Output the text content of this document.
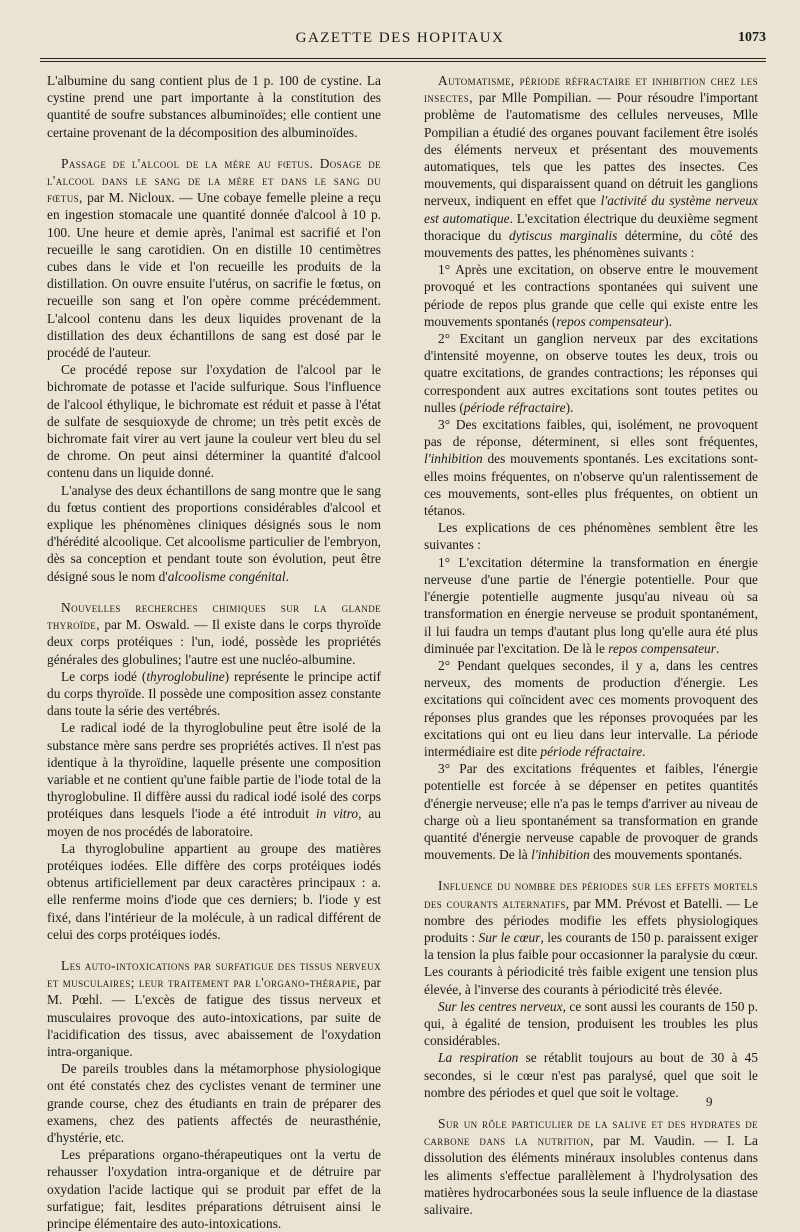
GAZETTE DES HOPITAUX	1073

L'albumine du sang contient plus de 1 p. 100 de cystine. La cystine prend une part importante à la constitution des quantité de soufre substances albuminoïdes; elle contient une certaine provenant de la décomposition des albuminoïdes.

Passage de l'alcool de la mère au fœtus. Dosage de l'alcool dans le sang de la mère et dans le sang du fœtus, par M. Nicloux. — Une cobaye femelle pleine a reçu en ingestion stomacale une quantité donnée d'alcool à 10 p. 100. Une heure et demie après, l'animal est sacrifié et l'on recueille le sang carotidien. On en distille 10 centimètres cubes dans le vide et l'on recueille les produits de la distillation. On ouvre ensuite l'utérus, on sacrifie le fœtus, on recueille son sang et l'on opère comme précédemment. L'alcool contenu dans les deux liquides provenant de la distillation des deux échantillons de sang est dosé par le procédé de l'auteur.

Ce procédé repose sur l'oxydation de l'alcool par le bichromate de potasse et l'acide sulfurique. Sous l'influence de l'alcool éthylique, le bichromate est réduit et passe à l'état de sulfate de sesquioxyde de chrome; un très petit excès de bichromate fait virer au vert jaune la couleur vert bleu du sel de chrome. On peut ainsi déterminer la quantité d'alcool contenu dans un liquide donné.

L'analyse des deux échantillons de sang montre que le sang du fœtus contient des proportions considérables d'alcool et explique les phénomènes cliniques désignés sous le nom d'hérédité alcoolique. Cet alcoolisme particulier de l'embryon, dès sa conception et pendant toute son évolution, peut être désigné sous le nom d'alcoolisme congénital.

Nouvelles recherches chimiques sur la glande thyroïde, par M. Oswald. — Il existe dans le corps thyroïde deux corps protéiques : l'un, iodé, possède les propriétés générales des globulines; l'autre est une nucléo-albumine.

Le corps iodé (thyroglobuline) représente le principe actif du corps thyroïde. Il possède une composition assez constante dans toute la série des vertébrés.

Le radical iodé de la thyroglobuline peut être isolé de la substance mère sans perdre ses propriétés actives. Il n'est pas identique à la thyroïdine, laquelle présente une composition variable et ne contient qu'une faible partie de l'iode total de la thyroglobuline. Il diffère aussi du radical iodé isolé des corps protéiques dans lesquels l'iode a été introduit in vitro, au moyen de nos procédés de laboratoire.

La thyroglobuline appartient au groupe des matières protéiques iodées. Elle diffère des corps protéiques iodés obtenus artificiellement par deux caractères principaux : a. elle renferme moins d'iode que ces derniers; b. l'iode y est fixé, dans l'intérieur de la molécule, à un radical différent de celui des corps protéiques iodés.

Les auto-intoxications par surfatigue des tissus nerveux et musculaires; leur traitement par l'organo-thérapie, par M. Pœhl. — L'excès de fatigue des tissus nerveux et musculaires provoque des auto-intoxications, par suite de l'acidification des tissus, avec abaissement de l'oxydation intra-organique.

De pareils troubles dans la métamorphose physiologique ont été constatés chez des cyclistes venant de terminer une grande course, chez des étudiants en train de préparer des examens, chez des patients affectés de neurasthénie, d'hystérie, etc.

Les préparations organo-thérapeutiques ont la vertu de rehausser l'oxydation intra-organique et de détruire par oxydation l'acide lactique qui se produit par effet de la surfatigue; fait, lesdites préparations détruisent ainsi le principe élémentaire des auto-intoxications.

Automatisme, période réfractaire et inhibition chez les insectes, par Mlle Pompilian. — Pour résoudre l'important problème de l'automatisme des cellules nerveuses, Mlle Pompilian a étudié des organes pouvant facilement être isolés des éléments nerveux et présentant des mouvements automatiques, tels que les pattes des insectes. Ces mouvements, qui disparaissent quand on détruit les ganglions nerveux, indiquent en effet que l'activité du système nerveux est automatique. L'excitation électrique du deuxième segment thoracique du dytiscus marginalis détermine, du côté des mouvements des pattes, les phénomènes suivants :

1° Après une excitation, on observe entre le mouvement provoqué et les contractions spontanées qui suivent une période de repos plus grande que celle qui existe entre les mouvements spontanés (repos compensateur).

2° Excitant un ganglion nerveux par des excitations d'intensité moyenne, on observe toutes les deux, trois ou quatre excitations, de grandes contractions; les réponses qui correspondent aux autres excitations sont toutes petites ou nulles (période réfractaire).

3° Des excitations faibles, qui, isolément, ne provoquent pas de réponse, déterminent, si elles sont fréquentes, l'inhibition des mouvements spontanés. Les excitations sont-elles moins fréquentes, on n'observe qu'un ralentissement de ces mouvements, sont-elles plus fréquentes, on obtient un tétanos.

Les explications de ces phénomènes semblent être les suivantes :

1° L'excitation détermine la transformation en énergie nerveuse d'une partie de l'énergie potentielle. Pour que l'énergie potentielle augmente jusqu'au niveau où sa transformation en énergie nerveuse se produit spontanément, il lui faudra un temps d'autant plus long qu'elle aura été plus diminuée par l'excitation. De là le repos compensateur.

2° Pendant quelques secondes, il y a, dans les centres nerveux, des moments de production d'énergie. Les excitations qui coïncident avec ces moments provoquent des réponses plus grandes que les réponses provoquées par les excitations qui ont eu lieu dans leur intervalle. La période intermédiaire est dite période réfractaire.

3° Par des excitations fréquentes et faibles, l'énergie potentielle est forcée à se dépenser en petites quantités d'énergie nerveuse; elle n'a pas le temps d'arriver au niveau de charge où a lieu spontanément sa transformation en grande quantité d'énergie nerveuse capable de provoquer de grands mouvements. De là l'inhibition des mouvements spontanés.

Influence du nombre des périodes sur les effets mortels des courants alternatifs, par MM. Prévost et Batelli. — Le nombre des périodes modifie les effets physiologiques produits : Sur le cœur, les courants de 150 p. paraissent exiger la tension la plus faible pour occasionner la paralysie du cœur. Les courants à périodicité très faible exigent une tension plus élevée, à l'inverse des courants à périodicité très élevée.

Sur les centres nerveux, ce sont aussi les courants de 150 p. qui, à égalité de tension, produisent les troubles les plus considérables.

La respiration se rétablit toujours au bout de 30 à 45 secondes, si le cœur n'est pas paralysé, quel que soit le nombre des périodes et quel que soit le voltage.

Sur un rôle particulier de la salive et des hydrates de carbone dans la nutrition, par M. Vaudin. — I. La dissolution des éléments minéraux insolubles contenus dans les aliments s'effectue parallèlement à l'hydrolysation des matières hydrocarbonées sous la seule influence de la diastase salivaire.

9
